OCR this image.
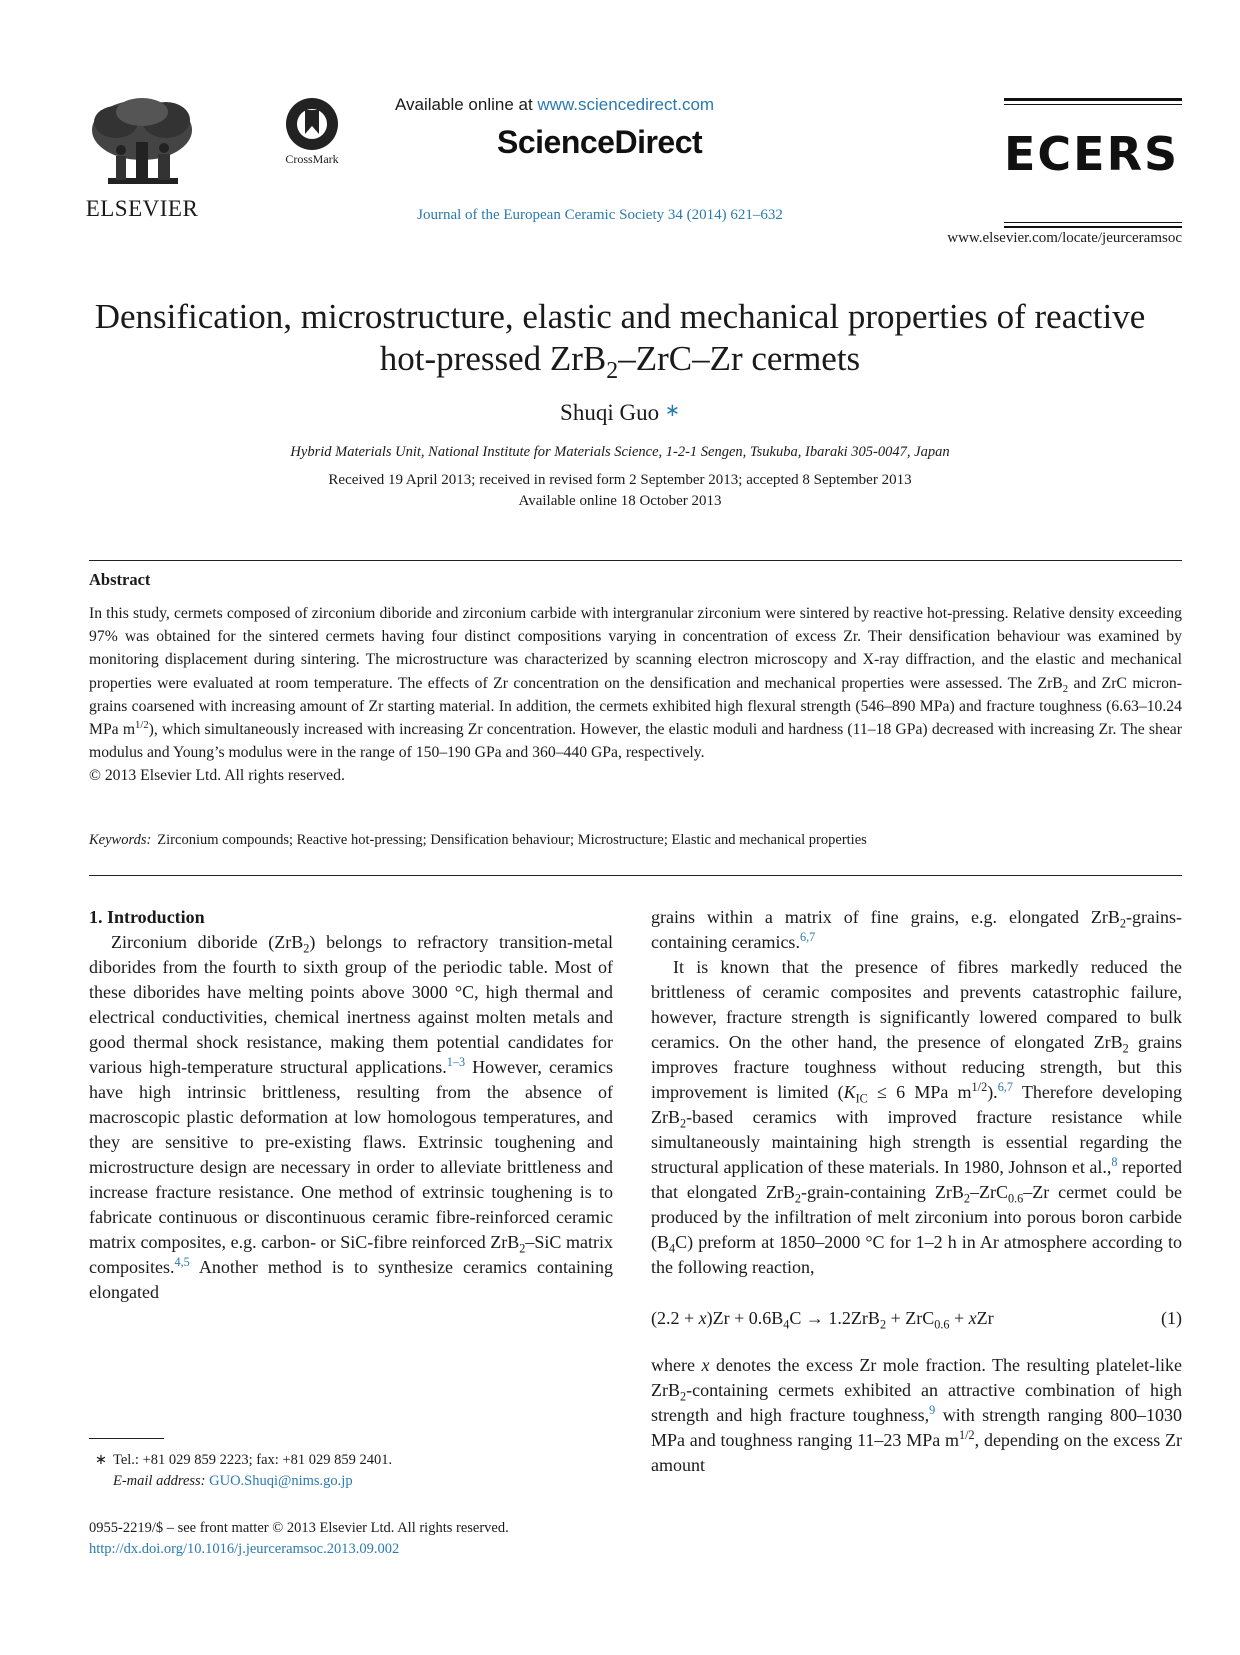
ELSEVIER
CrossMark
Available online at www.sciencedirect.com
ScienceDirect
Journal of the European Ceramic Society 34 (2014) 621–632
ECERS
www.elsevier.com/locate/jeurceramsoc
Densification, microstructure, elastic and mechanical properties of reactive
hot-pressed ZrB$_2$–ZrC–Zr cermets
Shuqi Guo ∗
Hybrid Materials Unit, National Institute for Materials Science, 1-2-1 Sengen, Tsukuba, Ibaraki 305-0047, Japan
Received 19 April 2013; received in revised form 2 September 2013; accepted 8 September 2013
Available online 18 October 2013
Abstract

In this study, cermets composed of zirconium diboride and zirconium carbide with intergranular zirconium were sintered by reactive hot-pressing. Relative density exceeding 97% was obtained for the sintered cermets having four distinct compositions varying in concentration of excess Zr. Their densification behaviour was examined by monitoring displacement during sintering. The microstructure was characterized by scanning electron microscopy and X-ray diffraction, and the elastic and mechanical properties were evaluated at room temperature. The effects of Zr concentration on the densification and mechanical properties were assessed. The ZrB$_2$ and ZrC micron-grains coarsened with increasing amount of Zr starting material. In addition, the cermets exhibited high flexural strength (546–890 MPa) and fracture toughness (6.63–10.24 MPa $m^{1/2}$), which simultaneously increased with increasing Zr concentration. However, the elastic moduli and hardness (11–18 GPa) decreased with increasing Zr. The shear modulus and Young’s modulus were in the range of 150–190 GPa and 360–440 GPa, respectively.

© 2013 Elsevier Ltd. All rights reserved.

Keywords: Zirconium compounds; Reactive hot-pressing; Densification behaviour; Microstructure; Elastic and mechanical properties

1. Introduction

Zirconium diboride (ZrB$_2$) belongs to refractory transition-metal diborides from the fourth to sixth group of the periodic table. Most of these diborides have melting points above 3000 °C, high thermal and electrical conductivities, chemical inertness against molten metals and good thermal shock resistance, making them potential candidates for various high-temperature structural applications.$^{1-3}$ However, ceramics have high intrinsic brittleness, resulting from the absence of macroscopic plastic deformation at low homologous temperatures, and they are sensitive to pre-existing flaws. Extrinsic toughening and microstructure design are necessary in order to alleviate brittleness and increase fracture resistance. One method of extrinsic toughening is to fabricate continuous or discontinuous ceramic fibre-reinforced ceramic matrix composites, e.g. carbon- or SiC-fibre reinforced ZrB$_2$–SiC matrix composites.$^{4,5}$ Another method is to synthesize ceramics containing elongated

grains within a matrix of fine grains, e.g. elongated ZrB$_2$-grains-containing ceramics.$^{6,7}$

It is known that the presence of fibres markedly reduced the brittleness of ceramic composites and prevents catastrophic failure, however, fracture strength is significantly lowered compared to bulk ceramics. On the other hand, the presence of elongated ZrB$_2$ grains improves fracture toughness without reducing strength, but this improvement is limited ($K_{IC} \le 6$ MPa $m^{1/2}).^{6,7}$ Therefore developing ZrB$_2$-based ceramics with improved fracture resistance while simultaneously maintaining high strength is essential regarding the structural application of these materials. In 1980, Johnson et al.,$^8$ reported that elongated ZrB$_2$-grain-containing ZrB$_2$–ZrC$_{0.6}$–Zr cermet could be produced by the infiltration of melt zirconium into porous boron carbide $(B_4C)$ preform at 1850–2000 °C for 1–2 h in Ar atmosphere according to the following reaction,

$(2.2 + x)Zr + 0.6B_4C \to 1.2ZrB_2 + ZrC_{0.6}$ + xZr	(1)

where x denotes the excess Zr mole fraction. The resulting platelet-like ZrB$_2$-containing cermets exhibited an attractive combination of high strength and high fracture toughness,$^9$ with strength ranging 800–1030 MPa and toughness ranging 11–23 MPa $m^{1/2}$, depending on the excess Zr amount

∗ Tel.: +81 029 859 2223; fax: +81 029 859 2401.
E-mail address: GUO.Shuqi@nims.go.jp
0955-2219/$ – see front matter © 2013 Elsevier Ltd. All rights reserved.
http://dx.doi.org/10.1016/j.jeurceramsoc.2013.09.002
